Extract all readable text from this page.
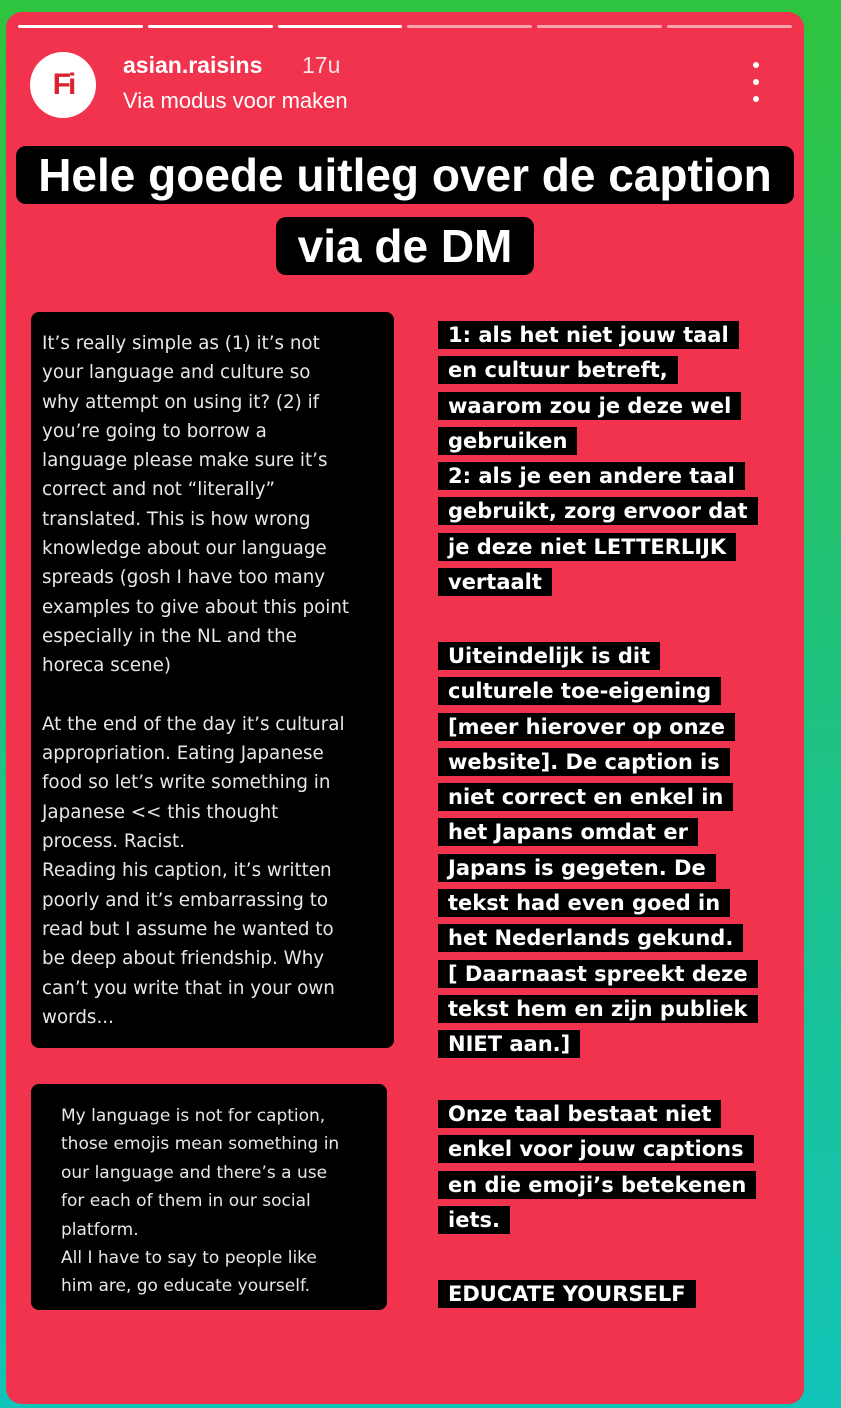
Fi
asian.raisins 17u
Via modus voor maken
Hele goede uitleg over de caption via de DM

It’s really simple as (1) it’s not
your language and culture so
why attempt on using it? (2) if
you’re going to borrow a
language please make sure it’s
correct and not “literally”
translated. This is how wrong
knowledge about our language
spreads (gosh I have too many
examples to give about this point
especially in the NL and the
horeca scene)

At the end of the day it’s cultural
appropriation. Eating Japanese
food so let’s write something in
Japanese << this thought
process. Racist.
Reading his caption, it’s written
poorly and it’s embarrassing to
read but I assume he wanted to
be deep about friendship. Why
can’t you write that in your own
words...

My language is not for caption,
those emojis mean something in
our language and there’s a use
for each of them in our social
platform.
All I have to say to people like
him are, go educate yourself.

1: als het niet jouw taal
en cultuur betreft,
waarom zou je deze wel
gebruiken
2: als je een andere taal
gebruikt, zorg ervoor dat
je deze niet LETTERLIJK
vertaalt

Uiteindelijk is dit
culturele toe-eigening
[meer hierover op onze
website]. De caption is
niet correct en enkel in
het Japans omdat er
Japans is gegeten. De
tekst had even goed in
het Nederlands gekund.
[ Daarnaast spreekt deze
tekst hem en zijn publiek
NIET aan.]

Onze taal bestaat niet
enkel voor jouw captions
en die emoji’s betekenen
iets.

EDUCATE YOURSELF
